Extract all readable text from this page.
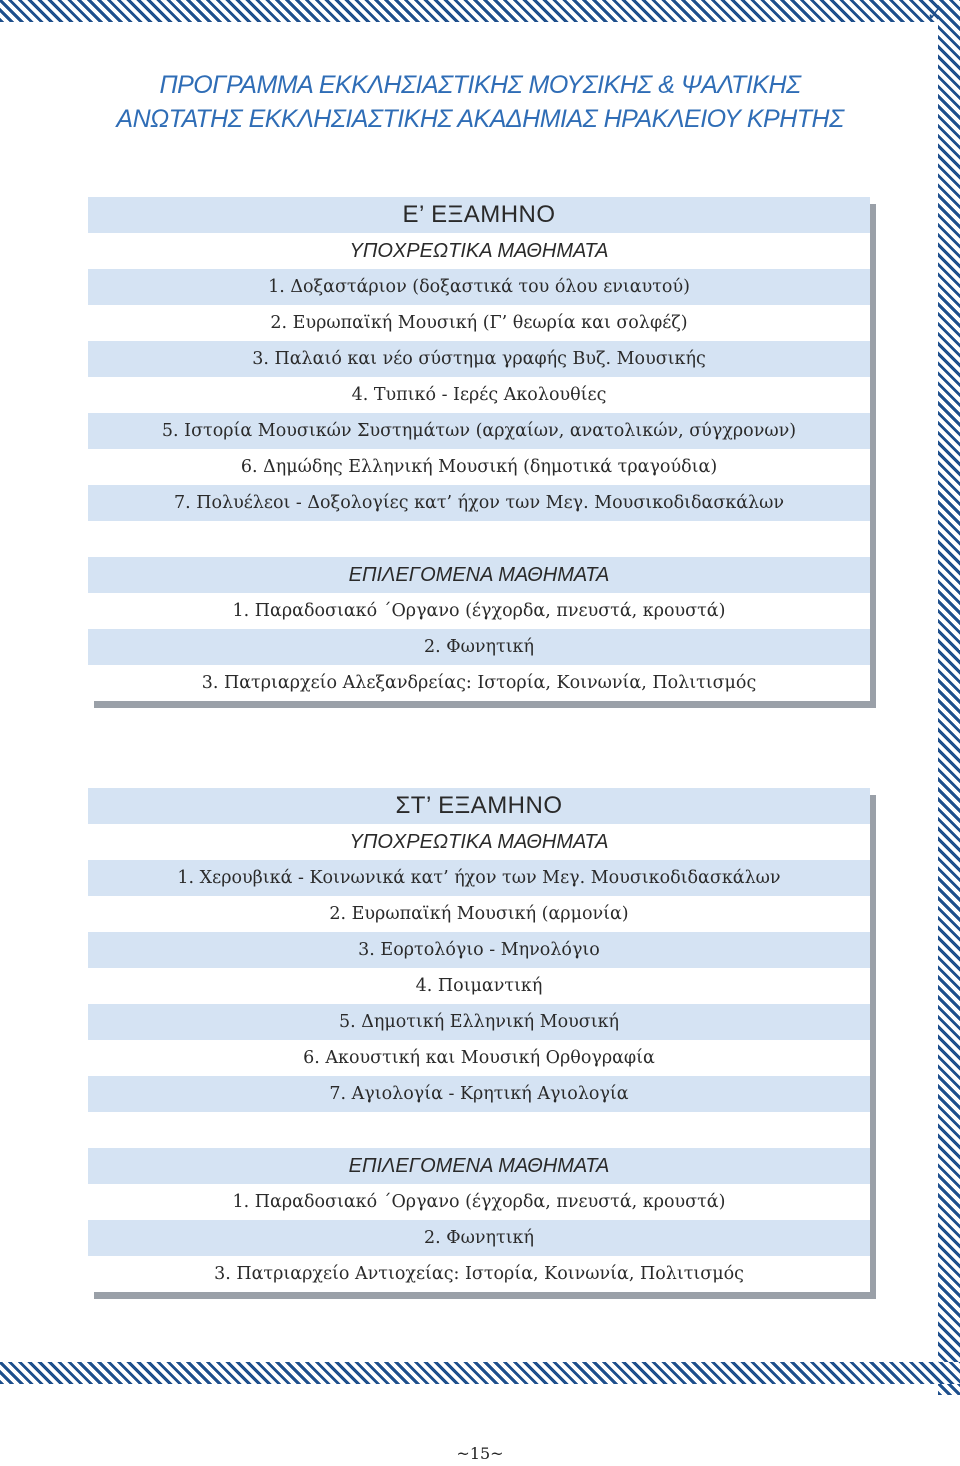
✓
ΠΡΟΓΡΑΜΜΑ ΕΚΚΛΗΣΙΑΣΤΙΚΗΣ ΜΟΥΣΙΚΗΣ & ΨΑΛΤΙΚΗΣ
ΑΝΩΤΑΤΗΣ ΕΚΚΛΗΣΙΑΣΤΙΚΗΣ ΑΚΑΔΗΜΙΑΣ ΗΡΑΚΛΕΙΟΥ ΚΡΗΤΗΣ
Ε’ ΕΞΑΜΗΝΟ
ΥΠΟΧΡΕΩΤΙΚΑ ΜΑΘΗΜΑΤΑ
1. Δοξαστάριον (δοξαστικά του όλου ενιαυτού)
2. Ευρωπαϊκή Μουσική (Γ’ θεωρία και σολφέζ)
3. Παλαιό και νέο σύστημα γραφής Βυζ. Μουσικής
4. Τυπικό - Ιερές Ακολουθίες
5. Ιστορία Μουσικών Συστημάτων (αρχαίων, ανατολικών, σύγχρονων)
6. Δημώδης Ελληνική Μουσική (δημοτικά τραγούδια)
7. Πολυέλεοι - Δοξολογίες κατ’ ήχον των Μεγ. Μουσικοδιδασκάλων
ΕΠΙΛΕΓΟΜΕΝΑ ΜΑΘΗΜΑΤΑ
1. Παραδοσιακό ΄Οργανο (έγχορδα, πνευστά, κρουστά)
2. Φωνητική
3. Πατριαρχείο Αλεξανδρείας: Ιστορία, Κοινωνία, Πολιτισμός
ΣΤ’ ΕΞΑΜΗΝΟ
ΥΠΟΧΡΕΩΤΙΚΑ ΜΑΘΗΜΑΤΑ
1. Χερουβικά - Κοινωνικά κατ’ ήχον των Μεγ. Μουσικοδιδασκάλων
2. Ευρωπαϊκή Μουσική (αρμονία)
3. Εορτολόγιο - Μηνολόγιο
4. Ποιμαντική
5. Δημοτική Ελληνική Μουσική
6. Ακουστική και Μουσική Ορθογραφία
7. Αγιολογία - Κρητική Αγιολογία
ΕΠΙΛΕΓΟΜΕΝΑ ΜΑΘΗΜΑΤΑ
1. Παραδοσιακό ΄Οργανο (έγχορδα, πνευστά, κρουστά)
2. Φωνητική
3. Πατριαρχείο Αντιοχείας: Ιστορία, Κοινωνία, Πολιτισμός
~15~
